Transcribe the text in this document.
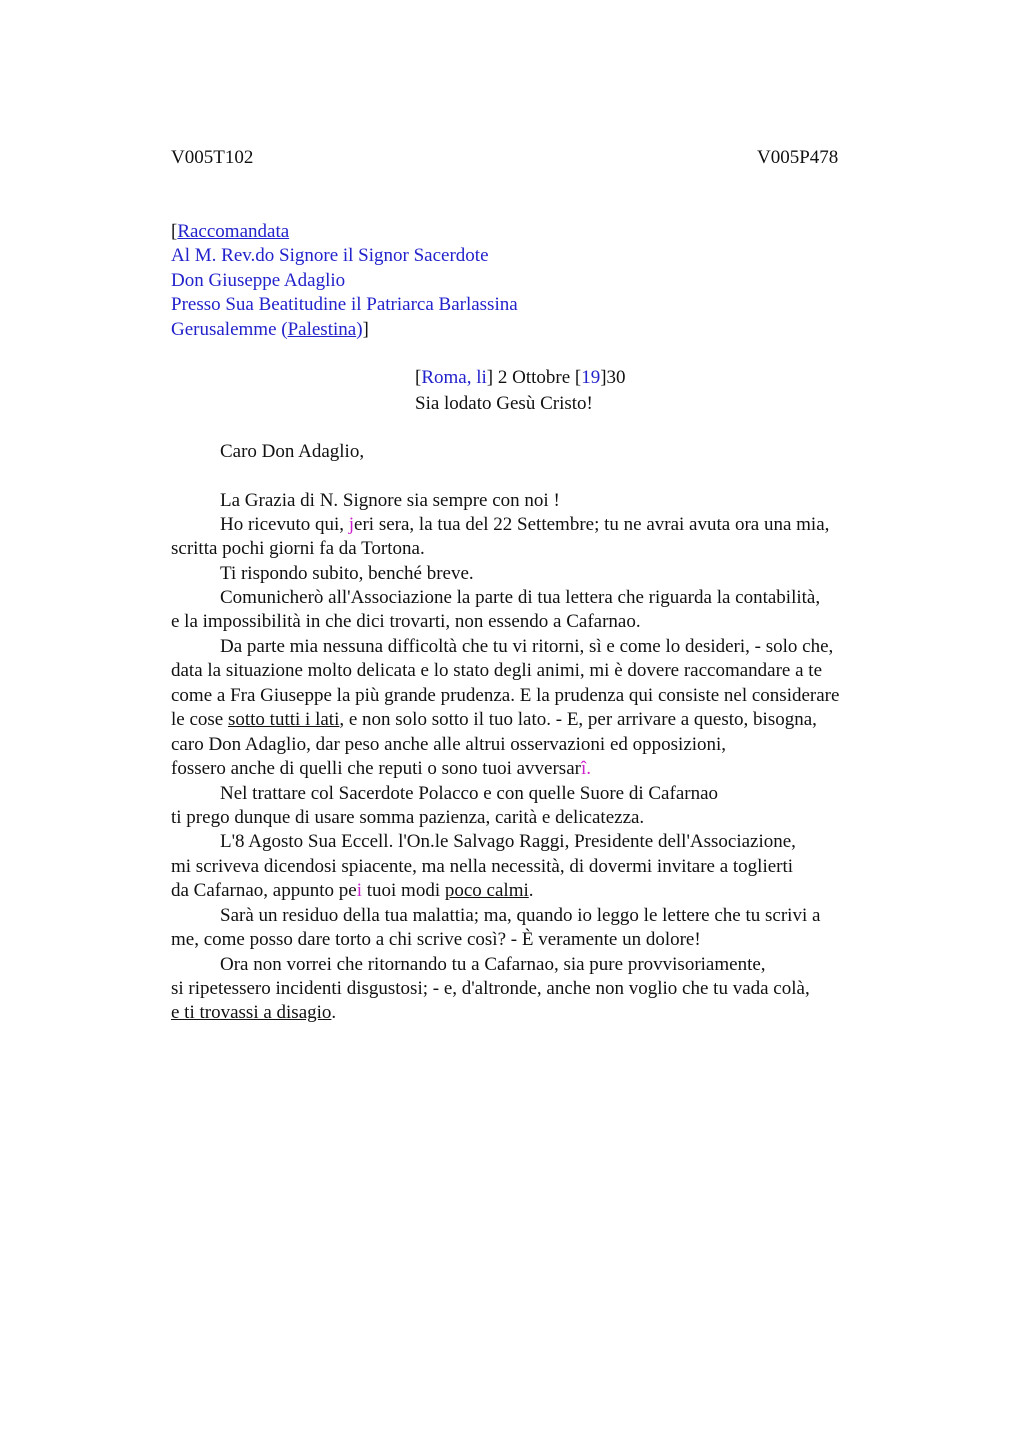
V005T102	V005P478
[Raccomandata
Al M. Rev.do Signore il Signor Sacerdote
Don Giuseppe Adaglio
Presso Sua Beatitudine il Patriarca Barlassina
Gerusalemme (Palestina)]
[Roma, li] 2 Ottobre [19]30
Sia lodato Gesù Cristo!
Caro Don Adaglio,
La Grazia di N. Signore sia sempre con noi !
Ho ricevuto qui, jeri sera, la tua del 22 Settembre; tu ne avrai avuta ora una mia,
scritta pochi giorni fa da Tortona.
Ti rispondo subito, benché breve.
Comunicherò all'Associazione la parte di tua lettera che riguarda la contabilità,
e la impossibilità in che dici trovarti, non essendo a Cafarnao.
Da parte mia nessuna difficoltà che tu vi ritorni, sì e come lo desideri, - solo che,
data la situazione molto delicata e lo stato degli animi, mi è dovere raccomandare a te
come a Fra Giuseppe la più grande prudenza. E la prudenza qui consiste nel considerare
le cose sotto tutti i lati, e non solo sotto il tuo lato. - E, per arrivare a questo, bisogna,
caro Don Adaglio, dar peso anche alle altrui osservazioni ed opposizioni,
fossero anche di quelli che reputi o sono tuoi avversarî.
Nel trattare col Sacerdote Polacco e con quelle Suore di Cafarnao
ti prego dunque di usare somma pazienza, carità e delicatezza.
L'8 Agosto Sua Eccell. l'On.le Salvago Raggi, Presidente dell'Associazione,
mi scriveva dicendosi spiacente, ma nella necessità, di dovermi invitare a toglierti
da Cafarnao, appunto pei tuoi modi poco calmi.
Sarà un residuo della tua malattia; ma, quando io leggo le lettere che tu scrivi a
me, come posso dare torto a chi scrive così? - È veramente un dolore!
Ora non vorrei che ritornando tu a Cafarnao, sia pure provvisoriamente,
si ripetessero incidenti disgustosi; - e, d'altronde, anche non voglio che tu vada colà,
e ti trovassi a disagio.
